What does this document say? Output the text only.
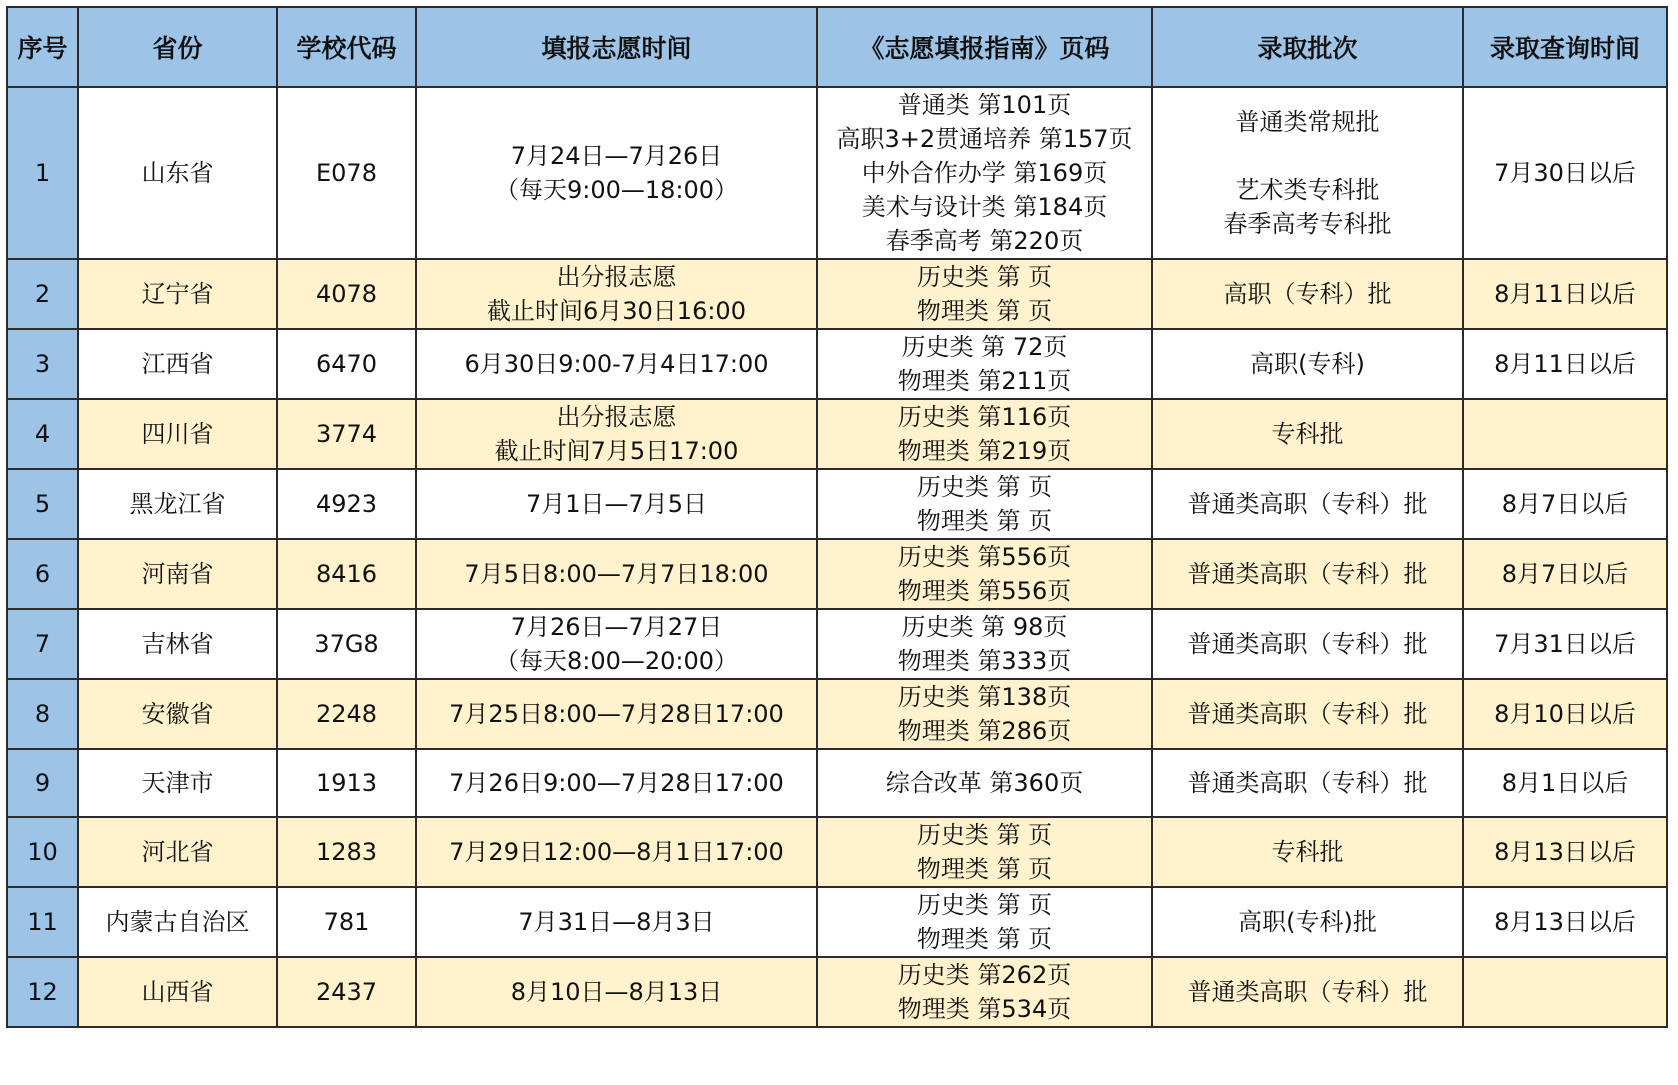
序号	省份	学校代码	填报志愿时间	《志愿填报指南》页码	录取批次	录取查询时间
1	山东省	E078	7月24日—7月26日
（每天9:00—18:00）	普通类 第101页
高职3+2贯通培养 第157页
中外合作办学 第169页
美术与设计类 第184页
春季高考 第220页	普通类常规批
艺术类专科批
春季高考专科批	7月30日以后
2	辽宁省	4078	出分报志愿
截止时间6月30日16:00	历史类 第 页
物理类 第 页	高职（专科）批	8月11日以后
3	江西省	6470	6月30日9:00-7月4日17:00	历史类 第 72页
物理类 第211页	高职(专科)	8月11日以后
4	四川省	3774	出分报志愿
截止时间7月5日17:00	历史类 第116页
物理类 第219页	专科批	

5	黑龙江省	4923	7月1日—7月5日	历史类 第 页
物理类 第 页	普通类高职（专科）批	8月7日以后
6	河南省	8416	7月5日8:00—7月7日18:00	历史类 第556页
物理类 第556页	普通类高职（专科）批	8月7日以后
7	吉林省	37G8	7月26日—7月27日
（每天8:00—20:00）	历史类 第 98页
物理类 第333页	普通类高职（专科）批	7月31日以后
8	安徽省	2248	7月25日8:00—7月28日17:00	历史类 第138页
物理类 第286页	普通类高职（专科）批	8月10日以后
9	天津市	1913	7月26日9:00—7月28日17:00	综合改革 第360页	普通类高职（专科）批	8月1日以后
10	河北省	1283	7月29日12:00—8月1日17:00	历史类 第 页
物理类 第 页	专科批	8月13日以后
11	内蒙古自治区	781	7月31日—8月3日	历史类 第 页
物理类 第 页	高职(专科)批	8月13日以后
12	山西省	2437	8月10日—8月13日	历史类 第262页
物理类 第534页	普通类高职（专科）批	
